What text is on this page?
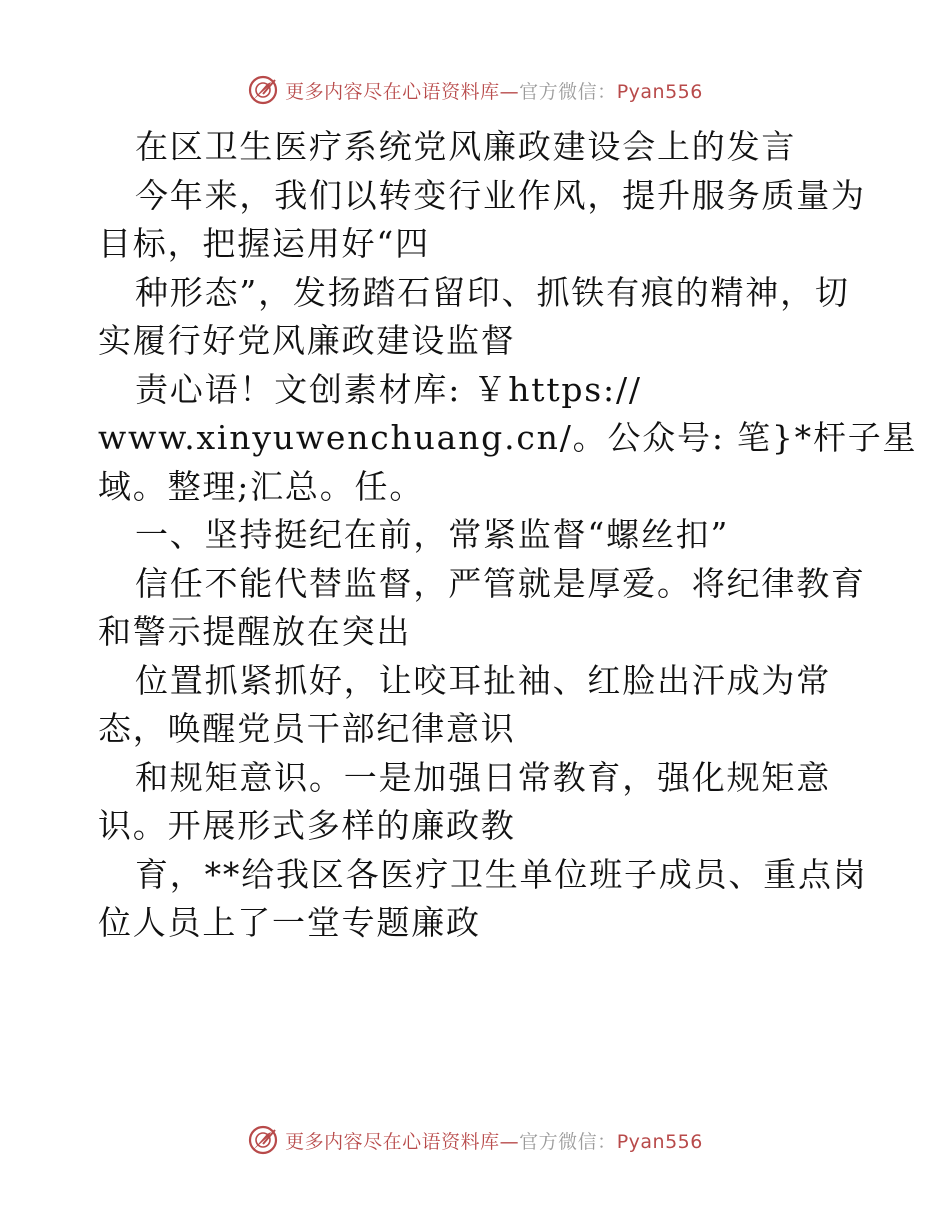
更多内容尽在心语资料库—官方微信：Pyan556
在区卫生医疗系统党风廉政建设会上的发言
今年来，我们以转变行业作风，提升服务质量为
目标，把握运用好“四
种形态”，发扬踏石留印、抓铁有痕的精神，切
实履行好党风廉政建设监督
责心语！文创素材库: ￥https://
www.xinyuwenchuang.cn/。公众号: 笔}*杆子星
域。整理;汇总。任。
一、坚持挺纪在前，常紧监督“螺丝扣”
信任不能代替监督，严管就是厚爱。将纪律教育
和警示提醒放在突出
位置抓紧抓好，让咬耳扯袖、红脸出汗成为常
态，唤醒党员干部纪律意识
和规矩意识。一是加强日常教育，强化规矩意
识。开展形式多样的廉政教
育，**给我区各医疗卫生单位班子成员、重点岗
位人员上了一堂专题廉政
更多内容尽在心语资料库—官方微信：Pyan556
